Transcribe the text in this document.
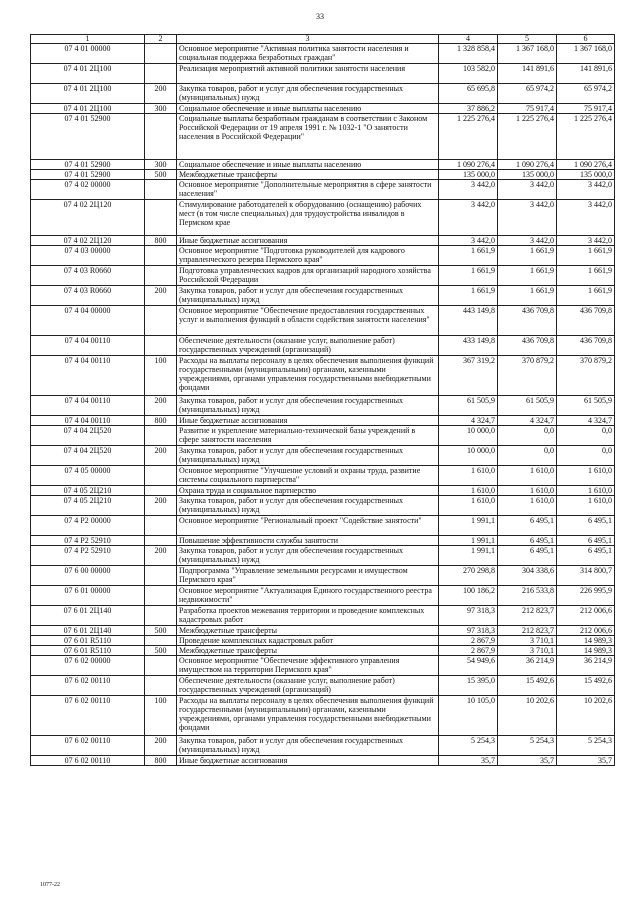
33
1	2	3	4	5	6
07 4 01 00000		Основное мероприятие "Активная политика занятости населения и социальная поддержка безработных граждан"	1 328 858,4	1 367 168,0	1 367 168,0
07 4 01 2Ц100		Реализация мероприятий активной политики занятости населения	103 582,0	141 891,6	141 891,6
07 4 01 2Ц100	200	Закупка товаров, работ и услуг для обеспечения государственных (муниципальных) нужд	65 695,8	65 974,2	65 974,2
07 4 01 2Ц100	300	Социальное обеспечение и иные выплаты населению	37 886,2	75 917,4	75 917,4
07 4 01 52900		Социальные выплаты безработным гражданам в соответствии с Законом Российской Федерации от 19 апреля 1991 г. № 1032-1 "О занятости населения в Российской Федерации"	1 225 276,4	1 225 276,4	1 225 276,4
07 4 01 52900	300	Социальное обеспечение и иные выплаты населению	1 090 276,4	1 090 276,4	1 090 276,4
07 4 01 52900	500	Межбюджетные трансферты	135 000,0	135 000,0	135 000,0
07 4 02 00000		Основное мероприятие "Дополнительные мероприятия в сфере занятости населения"	3 442,0	3 442,0	3 442,0
07 4 02 2Ц120		Стимулирование работодателей к оборудованию (оснащению) рабочих мест (в том числе специальных) для трудоустройства инвалидов в Пермском крае	3 442,0	3 442,0	3 442,0
07 4 02 2Ц120	800	Иные бюджетные ассигнования	3 442,0	3 442,0	3 442,0
07 4 03 00000		Основное мероприятие "Подготовка руководителей для кадрового управленческого резерва Пермского края"	1 661,9	1 661,9	1 661,9
07 4 03 R0660		Подготовка управленческих кадров для организаций народного хозяйства Российской Федерации	1 661,9	1 661,9	1 661,9
07 4 03 R0660	200	Закупка товаров, работ и услуг для обеспечения государственных (муниципальных) нужд	1 661,9	1 661,9	1 661,9
07 4 04 00000		Основное мероприятие "Обеспечение предоставления государственных услуг и выполнения функций в области содействия занятости населения"	443 149,8	436 709,8	436 709,8
07 4 04 00110		Обеспечение деятельности (оказание услуг, выполнение работ) государственных учреждений (организаций)	433 149,8	436 709,8	436 709,8
07 4 04 00110	100	Расходы на выплаты персоналу в целях обеспечения выполнения функций государственными (муниципальными) органами, казенными учреждениями, органами управления государственными внебюджетными фондами	367 319,2	370 879,2	370 879,2
07 4 04 00110	200	Закупка товаров, работ и услуг для обеспечения государственных (муниципальных) нужд	61 505,9	61 505,9	61 505,9
07 4 04 00110	800	Иные бюджетные ассигнования	4 324,7	4 324,7	4 324,7
07 4 04 2Ц520		Развитие и укрепление материально-технической базы учреждений в сфере занятости населения	10 000,0	0,0	0,0
07 4 04 2Ц520	200	Закупка товаров, работ и услуг для обеспечения государственных (муниципальных) нужд	10 000,0	0,0	0,0
07 4 05 00000		Основное мероприятие "Улучшение условий и охраны труда, развитие системы социального партнерства"	1 610,0	1 610,0	1 610,0
07 4 05 2Ц210		Охрана труда и социальное партнерство	1 610,0	1 610,0	1 610,0
07 4 05 2Ц210	200	Закупка товаров, работ и услуг для обеспечения государственных (муниципальных) нужд	1 610,0	1 610,0	1 610,0
07 4 P2 00000		Основное мероприятие "Региональный проект "Содействие занятости"	1 991,1	6 495,1	6 495,1
07 4 P2 52910		Повышение эффективности службы занятости	1 991,1	6 495,1	6 495,1
07 4 P2 52910	200	Закупка товаров, работ и услуг для обеспечения государственных (муниципальных) нужд	1 991,1	6 495,1	6 495,1
07 6 00 00000		Подпрограмма "Управление земельными ресурсами и имуществом Пермского края"	270 298,8	304 338,6	314 800,7
07 6 01 00000		Основное мероприятие "Актуализация Единого государственного реестра недвижимости"	100 186,2	216 533,8	226 995,9
07 6 01 2Ц140		Разработка проектов межевания территории и проведение комплексных кадастровых работ	97 318,3	212 823,7	212 006,6
07 6 01 2Ц140	500	Межбюджетные трансферты	97 318,3	212 823,7	212 006,6
07 6 01 R5110		Проведение комплексных кадастровых работ	2 867,9	3 710,1	14 989,3
07 6 01 R5110	500	Межбюджетные трансферты	2 867,9	3 710,1	14 989,3
07 6 02 00000		Основное мероприятие "Обеспечение эффективного управления имуществом на территории Пермского края"	54 949,6	36 214,9	36 214,9
07 6 02 00110		Обеспечение деятельности (оказание услуг, выполнение работ) государственных учреждений (организаций)	15 395,0	15 492,6	15 492,6
07 6 02 00110	100	Расходы на выплаты персоналу в целях обеспечения выполнения функций государственными (муниципальными) органами, казенными учреждениями, органами управления государственными внебюджетными фондами	10 105,0	10 202,6	10 202,6
07 6 02 00110	200	Закупка товаров, работ и услуг для обеспечения государственных (муниципальных) нужд	5 254,3	5 254,3	5 254,3
07 6 02 00110	800	Иные бюджетные ассигнования	35,7	35,7	35,7
1077-22
